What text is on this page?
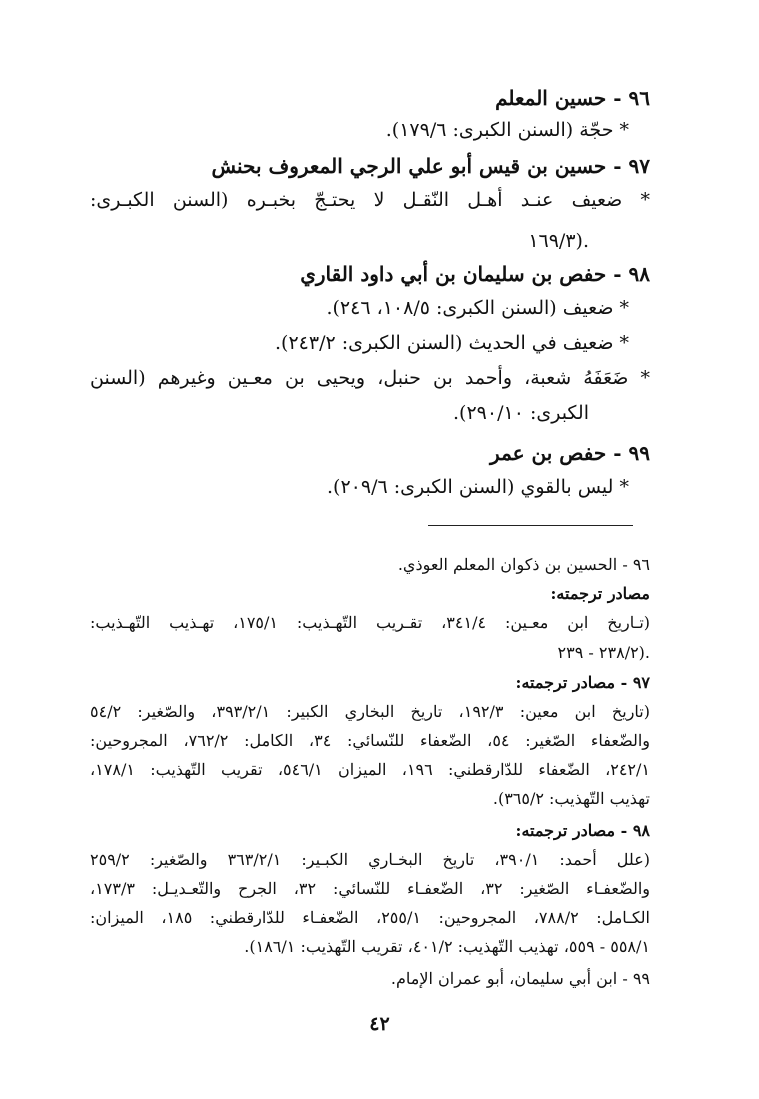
٩٦ - حسين المعلم
* حجّة (السنن الكبرى: ١٧٩/٦).
٩٧ - حسين بن قيس أبو علي الرجي المعروف بحنش
* ضعيف عنـد أهـل النّقـل لا يحتـجّ بخبـره (السنن الكبـرى:
١٦٩/٣).
٩٨ - حفص بن سليمان بن أبي داود القاري
* ضعيف (السنن الكبرى: ١٠٨/٥، ٢٤٦).
* ضعيف في الحديث (السنن الكبرى: ٢٤٣/٢).
* ضَعَفَهُ شعبة، وأحمد بن حنبل، ويحيى بن معـين وغيرهم (السنن
الكبرى: ٢٩٠/١٠).
٩٩ - حفص بن عمر
* ليس بالقوي (السنن الكبرى: ٢٠٩/٦).
٩٦ - الحسين بن ذكوان المعلم العوذي.
مصادر ترجمته:
(تـاريخ ابن معـين: ٣٤١/٤، تقـريب التّهـذيب: ١٧٥/١، تهـذيب التّهـذيب:
٢٣٨/٢ - ٢٣٩).
٩٧ - مصادر ترجمته:
(تاريخ ابن معين: ١٩٢/٣، تاريخ البخاري الكبير: ٣٩٣/٢/١، والصّغير: ٥٤/٢
والضّعفاء الصّغير: ٥٤، الضّعفاء للنّسائي: ٣٤، الكامل: ٧٦٢/٢، المجروحين:
٢٤٢/١، الضّعفاء للدّارقطني: ١٩٦، الميزان ٥٤٦/١، تقريب التّهذيب: ١٧٨/١،
تهذيب التّهذيب: ٣٦٥/٢).
٩٨ - مصادر ترجمته:
(علل أحمد: ٣٩٠/١، تاريخ البخـاري الكبـير: ٣٦٣/٢/١ والصّغير: ٢٥٩/٢
والضّعفـاء الصّغير: ٣٢، الضّعفـاء للنّسائي: ٣٢، الجرح والتّعـديـل: ١٧٣/٣،
الكـامل: ٧٨٨/٢، المجروحين: ٢٥٥/١، الضّعفـاء للدّارقطني: ١٨٥، الميزان:
٥٥٨/١ - ٥٥٩، تهذيب التّهذيب: ٤٠١/٢، تقريب التّهذيب: ١٨٦/١).
٩٩ - ابن أبي سليمان، أبو عمران الإمام.
٤٢
